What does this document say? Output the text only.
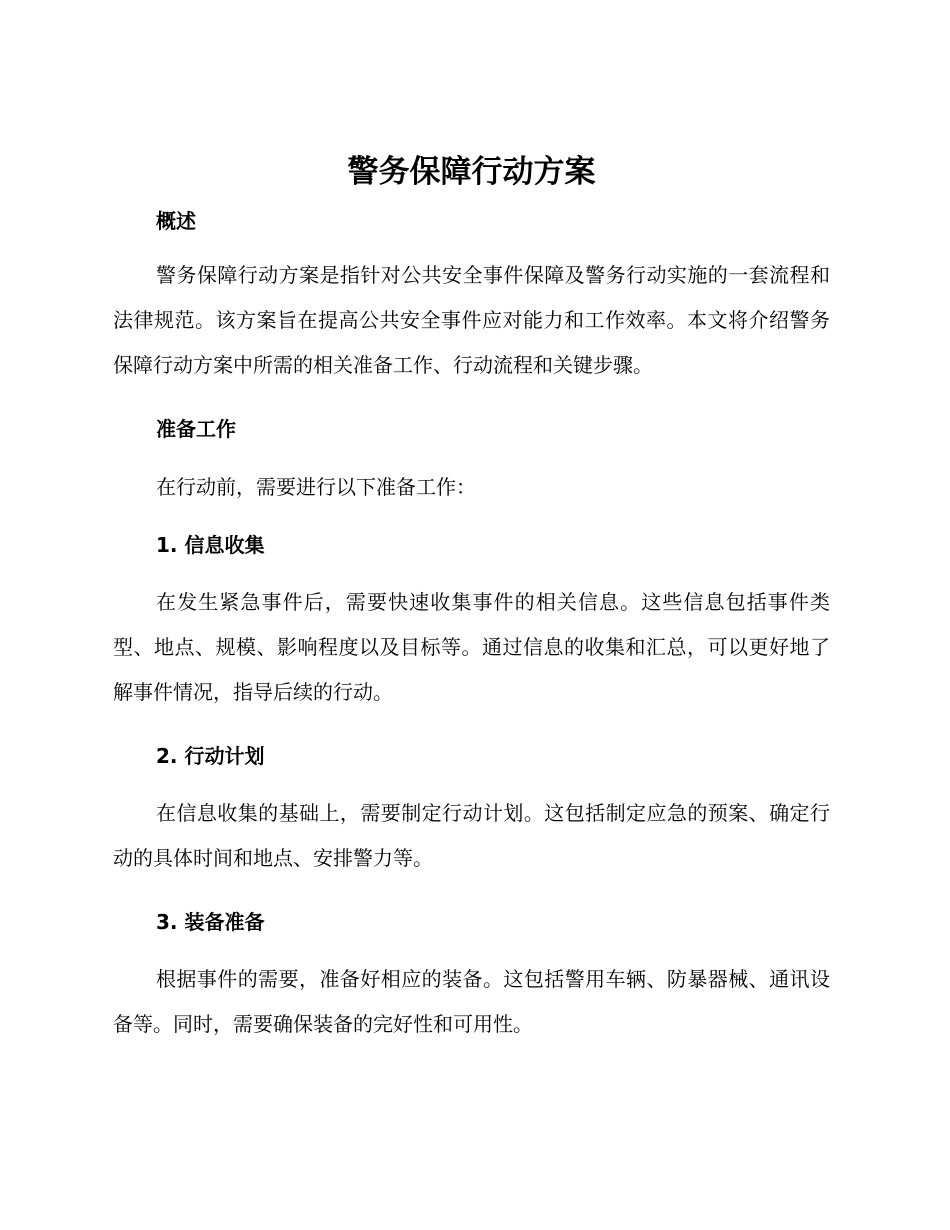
警务保障行动方案
概述

警务保障行动方案是指针对公共安全事件保障及警务行动实施的一套流程和法律规范。该方案旨在提高公共安全事件应对能力和工作效率。本文将介绍警务保障行动方案中所需的相关准备工作、行动流程和关键步骤。

准备工作

在行动前，需要进行以下准备工作：

1. 信息收集

在发生紧急事件后，需要快速收集事件的相关信息。这些信息包括事件类型、地点、规模、影响程度以及目标等。通过信息的收集和汇总，可以更好地了解事件情况，指导后续的行动。

2. 行动计划

在信息收集的基础上，需要制定行动计划。这包括制定应急的预案、确定行动的具体时间和地点、安排警力等。

3. 装备准备

根据事件的需要，准备好相应的装备。这包括警用车辆、防暴器械、通讯设备等。同时，需要确保装备的完好性和可用性。
